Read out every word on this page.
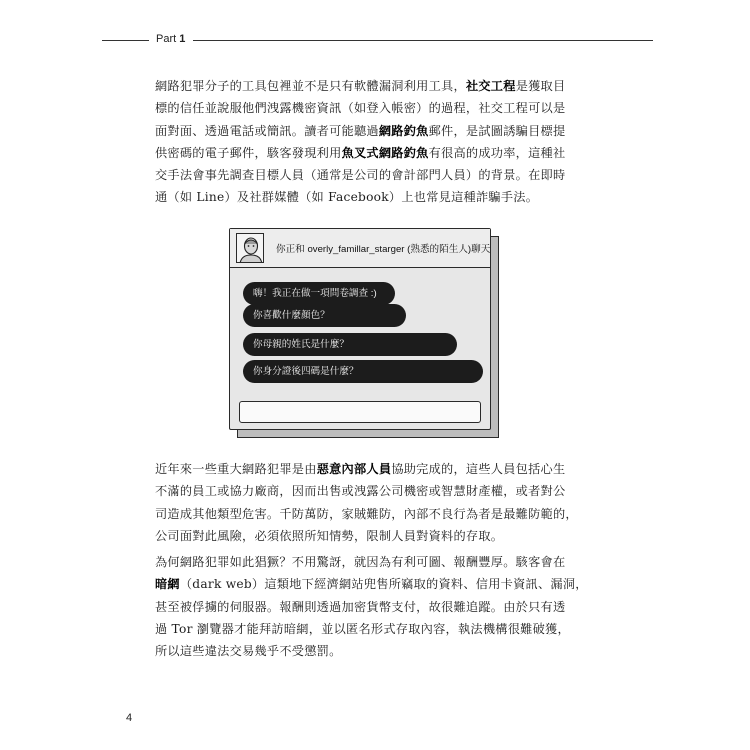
Part 1
網路犯罪分子的工具包裡並不是只有軟體漏洞利用工具，社交工程是獲取目
標的信任並說服他們洩露機密資訊（如登入帳密）的過程，社交工程可以是
面對面、透過電話或簡訊。讀者可能聽過網路釣魚郵件，是試圖誘騙目標提
供密碼的電子郵件，駭客發現利用魚叉式網路釣魚有很高的成功率，這種社
交手法會事先調查目標人員（通常是公司的會計部門人員）的背景。在即時
通（如 Line）及社群媒體（如 Facebook）上也常見這種詐騙手法。
你正和 overly_famillar_starger (熟悉的陌生人)聊天
嗨！我正在做一項問卷調查 :)
你喜歡什麼顏色？
你母親的姓氏是什麼？
你身分證後四碼是什麼？
近年來一些重大網路犯罪是由惡意內部人員協助完成的，這些人員包括心生
不滿的員工或協力廠商，因而出售或洩露公司機密或智慧財產權，或者對公
司造成其他類型危害。千防萬防，家賊難防，內部不良行為者是最難防範的，
公司面對此風險，必須依照所知情勢，限制人員對資料的存取。
為何網路犯罪如此猖獗？不用驚訝，就因為有利可圖、報酬豐厚。駭客會在
暗網（dark web）這類地下經濟網站兜售所竊取的資料、信用卡資訊、漏洞，
甚至被俘擄的伺服器。報酬則透過加密貨幣支付，故很難追蹤。由於只有透
過 Tor 瀏覽器才能拜訪暗網，並以匿名形式存取內容，執法機構很難破獲，
所以這些違法交易幾乎不受懲罰。
4
